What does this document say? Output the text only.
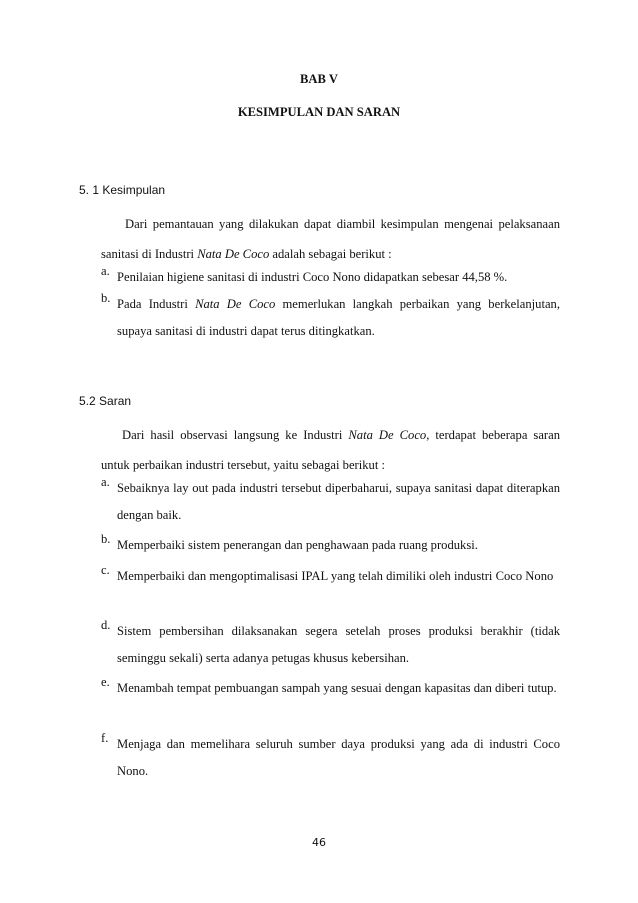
BAB V
KESIMPULAN DAN SARAN
5. 1 Kesimpulan
Dari pemantauan yang dilakukan dapat diambil kesimpulan mengenai pelaksanaan sanitasi di Industri Nata De Coco adalah sebagai berikut :
a. Penilaian higiene sanitasi di industri Coco Nono didapatkan sebesar 44,58 %.
b. Pada Industri Nata De Coco memerlukan langkah perbaikan yang berkelanjutan, supaya sanitasi di industri dapat terus ditingkatkan.
5.2 Saran
Dari hasil observasi langsung ke Industri Nata De Coco, terdapat beberapa saran untuk perbaikan industri tersebut, yaitu sebagai berikut :
a. Sebaiknya lay out pada industri tersebut diperbaharui, supaya sanitasi dapat diterapkan dengan baik.
b. Memperbaiki sistem penerangan dan penghawaan pada ruang produksi.
c. Memperbaiki dan mengoptimalisasi IPAL yang telah dimiliki oleh industri Coco Nono
d. Sistem pembersihan dilaksanakan segera setelah proses produksi berakhir (tidak seminggu sekali) serta adanya petugas khusus kebersihan.
e. Menambah tempat pembuangan sampah yang sesuai dengan kapasitas dan diberi tutup.
f. Menjaga dan memelihara seluruh sumber daya produksi yang ada di industri Coco Nono.
46
